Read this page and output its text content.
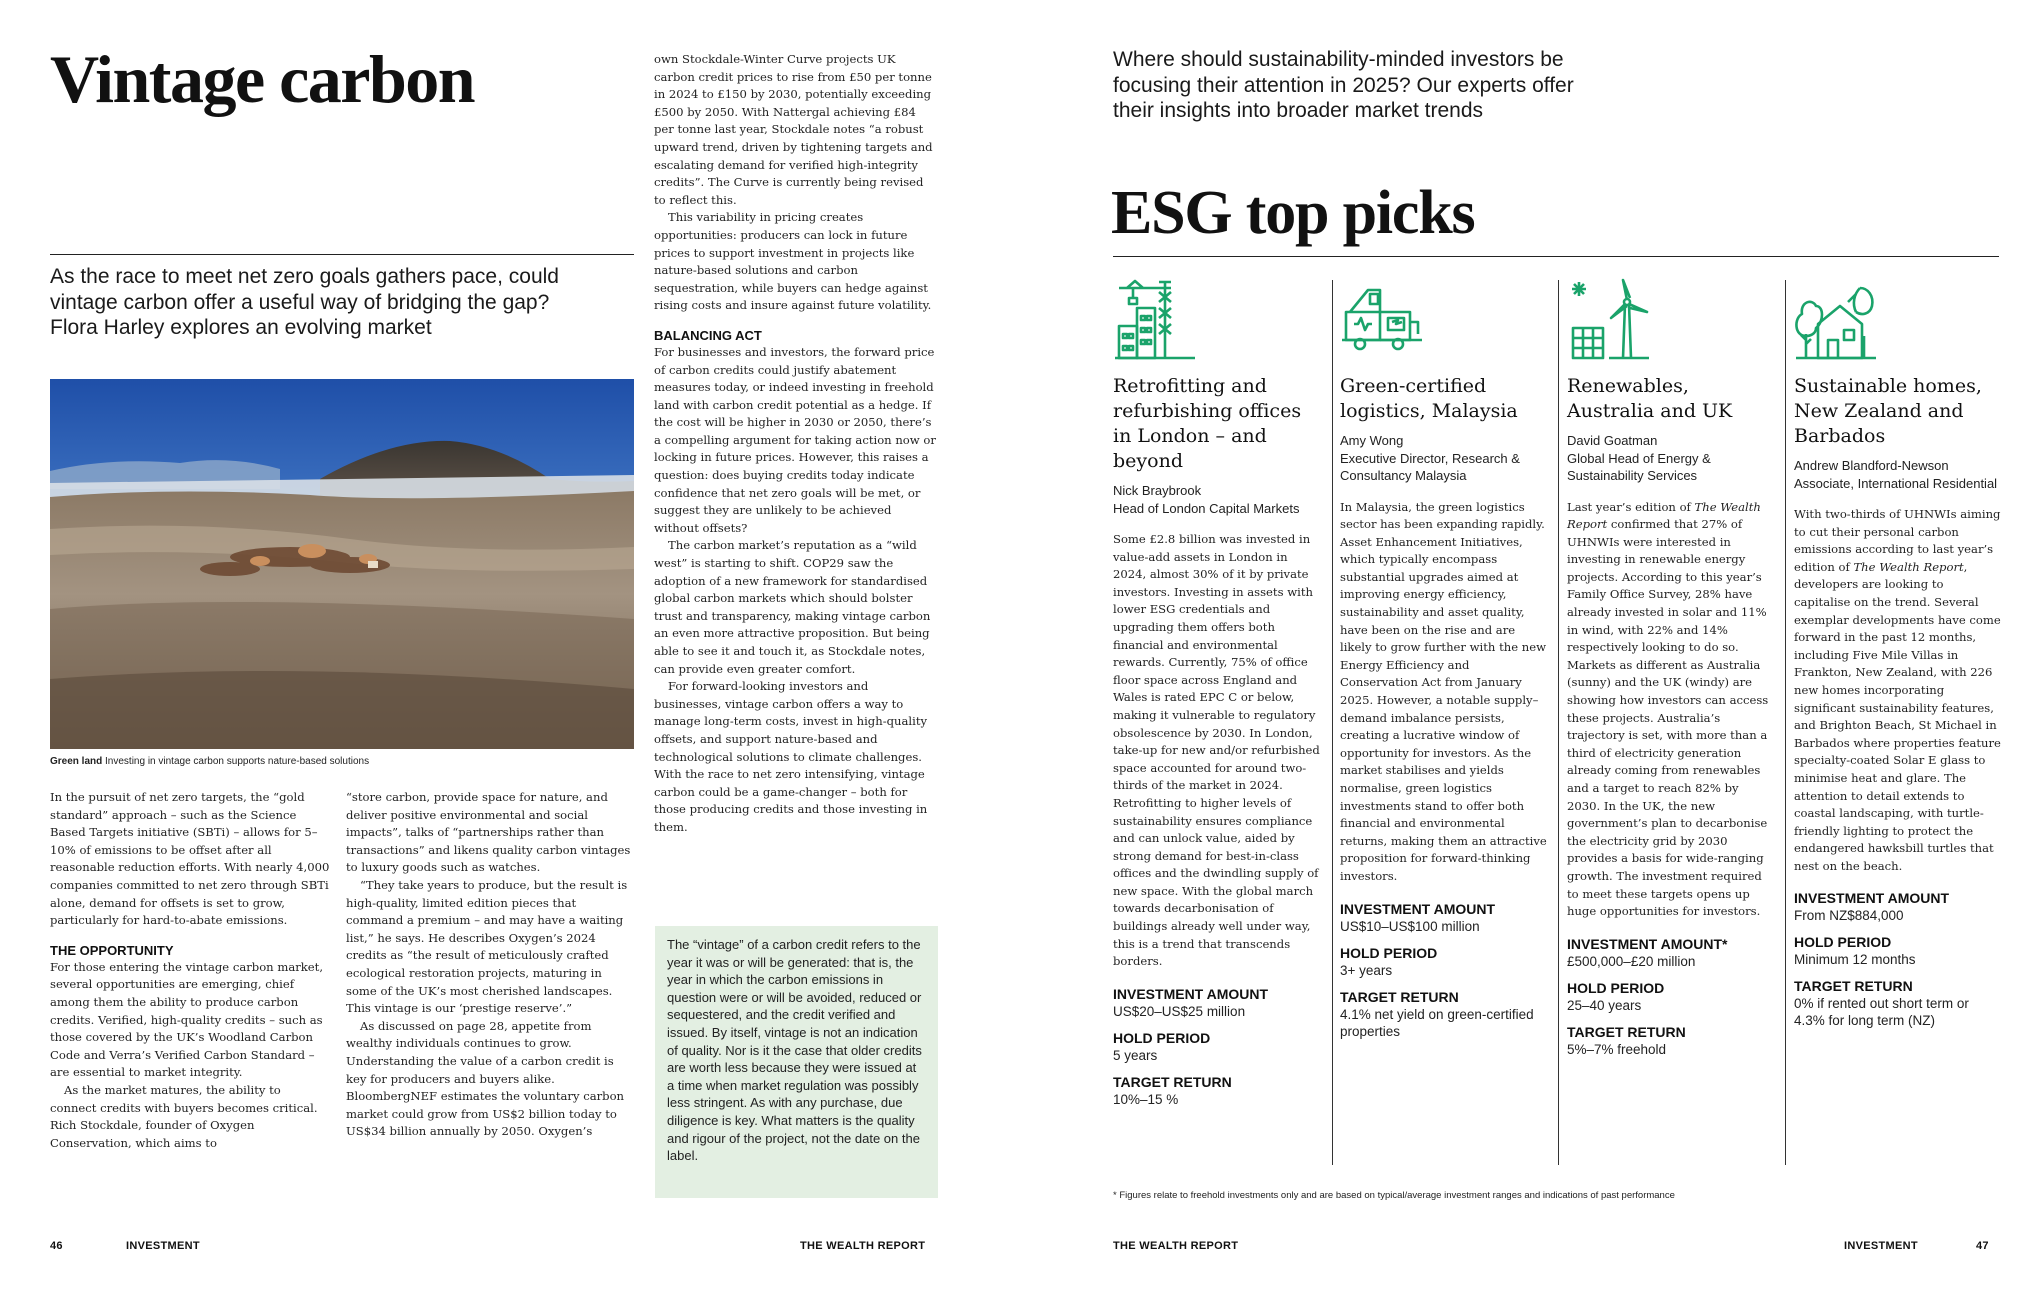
Vintage carbon
As the race to meet net zero goals gathers pace, could vintage carbon offer a useful way of bridging the gap? Flora Harley explores an evolving market
Green land Investing in vintage carbon supports nature-based solutions

In the pursuit of net zero targets, the “gold standard” approach – such as the Science Based Targets initiative (SBTi) – allows for 5–10% of emissions to be offset after all reasonable reduction efforts. With nearly 4,000 companies committed to net zero through SBTi alone, demand for offsets is set to grow, particularly for hard-to-abate emissions.

THE OPPORTUNITY

For those entering the vintage carbon market, several opportunities are emerging, chief among them the ability to produce carbon credits. Verified, high-quality credits – such as those covered by the UK’s Woodland Carbon Code and Verra’s Verified Carbon Standard – are essential to market integrity.

As the market matures, the ability to connect credits with buyers becomes critical. Rich Stockdale, founder of Oxygen Conservation, which aims to

“store carbon, provide space for nature, and deliver positive environmental and social impacts”, talks of “partnerships rather than transactions” and likens quality carbon vintages to luxury goods such as watches.

“They take years to produce, but the result is high-quality, limited edition pieces that command a premium – and may have a waiting list,” he says. He describes Oxygen’s 2024 credits as “the result of meticulously crafted ecological restoration projects, maturing in some of the UK’s most cherished landscapes. This vintage is our ‘prestige reserve’.”

As discussed on page 28, appetite from wealthy individuals continues to grow. Understanding the value of a carbon credit is key for producers and buyers alike. BloombergNEF estimates the voluntary carbon market could grow from US$2 billion today to US$34 billion annually by 2050. Oxygen’s

own Stockdale-Winter Curve projects UK carbon credit prices to rise from £50 per tonne in 2024 to £150 by 2030, potentially exceeding £500 by 2050. With Nattergal achieving £84 per tonne last year, Stockdale notes “a robust upward trend, driven by tightening targets and escalating demand for verified high-integrity credits”. The Curve is currently being revised to reflect this.

This variability in pricing creates opportunities: producers can lock in future prices to support investment in projects like nature-based solutions and carbon sequestration, while buyers can hedge against rising costs and insure against future volatility.

BALANCING ACT

For businesses and investors, the forward price of carbon credits could justify abatement measures today, or indeed investing in freehold land with carbon credit potential as a hedge. If the cost will be higher in 2030 or 2050, there’s a compelling argument for taking action now or locking in future prices. However, this raises a question: does buying credits today indicate confidence that net zero goals will be met, or suggest they are unlikely to be achieved without offsets?

The carbon market’s reputation as a “wild west” is starting to shift. COP29 saw the adoption of a new framework for standardised global carbon markets which should bolster trust and transparency, making vintage carbon an even more attractive proposition. But being able to see it and touch it, as Stockdale notes, can provide even greater comfort.

For forward-looking investors and businesses, vintage carbon offers a way to manage long-term costs, invest in high-quality offsets, and support nature-based and technological solutions to climate challenges. With the race to net zero intensifying, vintage carbon could be a game-changer – both for those producing credits and those investing in them.

The “vintage” of a carbon credit refers to the year it was or will be generated: that is, the year in which the carbon emissions in question were or will be avoided, reduced or sequestered, and the credit verified and issued. By itself, vintage is not an indication of quality. Nor is it the case that older credits are worth less because they were issued at a time when market regulation was possibly less stringent. As with any purchase, due diligence is key. What matters is the quality and rigour of the project, not the date on the label.
46	INVESTMENT	THE WEALTH REPORT
Where should sustainability-minded investors be focusing their attention in 2025? Our experts offer their insights into broader market trends
ESG top picks
Retrofitting and refurbishing offices in London – and beyond
Nick Braybrook
Head of London Capital Markets
Some £2.8 billion was invested in value-add assets in London in 2024, almost 30% of it by private investors. Investing in assets with lower ESG credentials and upgrading them offers both financial and environmental rewards. Currently, 75% of office floor space across England and Wales is rated EPC C or below, making it vulnerable to regulatory obsolescence by 2030. In London, take-up for new and/or refurbished space accounted for around two-thirds of the market in 2024. Retrofitting to higher levels of sustainability ensures compliance and can unlock value, aided by strong demand for best-in-class offices and the dwindling supply of new space. With the global march towards decarbonisation of buildings already well under way, this is a trend that transcends borders.
INVESTMENT AMOUNT
US$20–US$25 million
HOLD PERIOD
5 years
TARGET RETURN
10%–15 %
Green-certified logistics, Malaysia
Amy Wong
Executive Director, Research & Consultancy Malaysia
In Malaysia, the green logistics sector has been expanding rapidly. Asset Enhancement Initiatives, which typically encompass substantial upgrades aimed at improving energy efficiency, sustainability and asset quality, have been on the rise and are likely to grow further with the new Energy Efficiency and Conservation Act from January 2025. However, a notable supply–demand imbalance persists, creating a lucrative window of opportunity for investors. As the market stabilises and yields normalise, green logistics investments stand to offer both financial and environmental returns, making them an attractive proposition for forward-thinking investors.
INVESTMENT AMOUNT
US$10–US$100 million
HOLD PERIOD
3+ years
TARGET RETURN
4.1% net yield on green-certified properties
Renewables, Australia and UK
David Goatman
Global Head of Energy & Sustainability Services
Last year’s edition of The Wealth Report confirmed that 27% of UHNWIs were interested in investing in renewable energy projects. According to this year’s Family Office Survey, 28% have already invested in solar and 11% in wind, with 22% and 14% respectively looking to do so. Markets as different as Australia (sunny) and the UK (windy) are showing how investors can access these projects. Australia’s trajectory is set, with more than a third of electricity generation already coming from renewables and a target to reach 82% by 2030. In the UK, the new government’s plan to decarbonise the electricity grid by 2030 provides a basis for wide-ranging growth. The investment required to meet these targets opens up huge opportunities for investors.
INVESTMENT AMOUNT*
£500,000–£20 million
HOLD PERIOD
25–40 years
TARGET RETURN
5%–7% freehold
Sustainable homes, New Zealand and Barbados
Andrew Blandford-Newson
Associate, International Residential
With two-thirds of UHNWIs aiming to cut their personal carbon emissions according to last year’s edition of The Wealth Report, developers are looking to capitalise on the trend. Several exemplar developments have come forward in the past 12 months, including Five Mile Villas in Frankton, New Zealand, with 226 new homes incorporating significant sustainability features, and Brighton Beach, St Michael in Barbados where properties feature specialty-coated Solar E glass to minimise heat and glare. The attention to detail extends to coastal landscaping, with turtle-friendly lighting to protect the endangered hawksbill turtles that nest on the beach.
INVESTMENT AMOUNT
From NZ$884,000
HOLD PERIOD
Minimum 12 months
TARGET RETURN
0% if rented out short term or 4.3% for long term (NZ)
* Figures relate to freehold investments only and are based on typical/average investment ranges and indications of past performance
THE WEALTH REPORT	INVESTMENT	47
